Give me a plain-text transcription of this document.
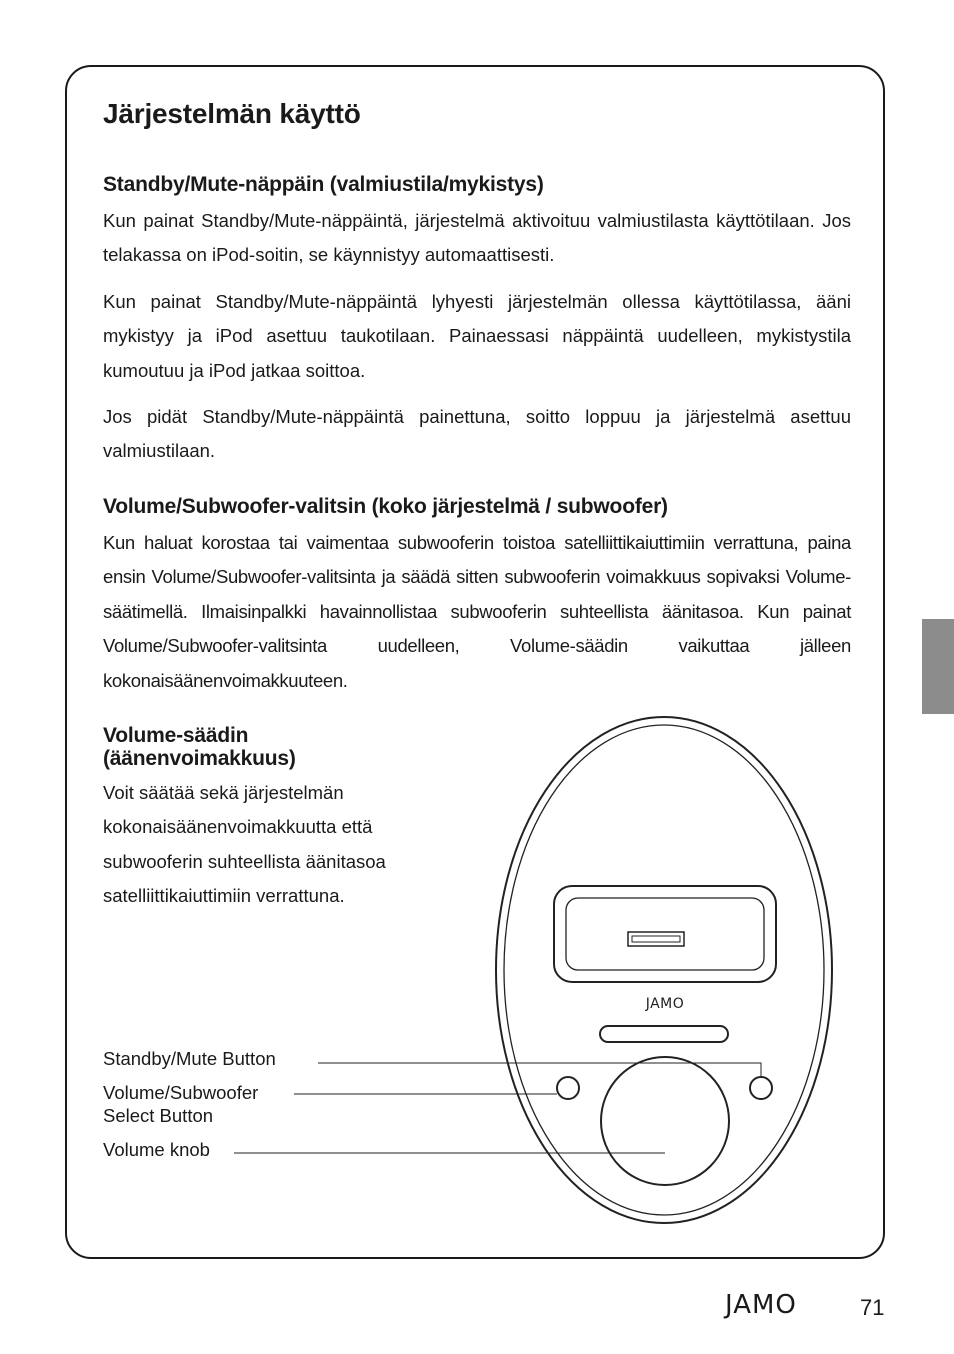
Järjestelmän käyttö
Standby/Mute-näppäin (valmiustila/mykistys)

Kun painat Standby/Mute-näppäintä, järjestelmä aktivoituu valmiustilasta käyttötilaan. Jos telakassa on iPod-soitin, se käynnistyy automaattisesti.

Kun painat Standby/Mute-näppäintä lyhyesti järjestelmän ollessa käyttötilassa, ääni mykistyy ja iPod asettuu taukotilaan. Painaessasi näppäintä uudelleen, mykistystila kumoutuu ja iPod jatkaa soittoa.

Jos pidät Standby/Mute-näppäintä painettuna, soitto loppuu ja järjestelmä asettuu valmiustilaan.

Volume/Subwoofer-valitsin (koko järjestelmä / subwoofer)

Kun haluat korostaa tai vaimentaa subwooferin toistoa satelliittikaiuttimiin verrattuna, paina ensin Volume/Subwoofer-valitsinta ja säädä sitten subwooferin voimakkuus sopivaksi Volume-säätimellä. Ilmaisinpalkki havainnollistaa subwooferin suhteellista äänitasoa. Kun painat Volume/Subwoofer-valitsinta uudelleen, Volume-säädin vaikuttaa jälleen kokonaisäänenvoimakkuuteen.

Volume-säädin (äänenvoimakkuus)

Voit säätää sekä järjestelmän kokonaisäänenvoimakkuutta että subwooferin suhteellista äänitasoa satelliittikaiuttimiin verrattuna.

JAMO
Standby/Mute Button
Volume/Subwoofer
Select Button
Volume knob
JAMO	71
